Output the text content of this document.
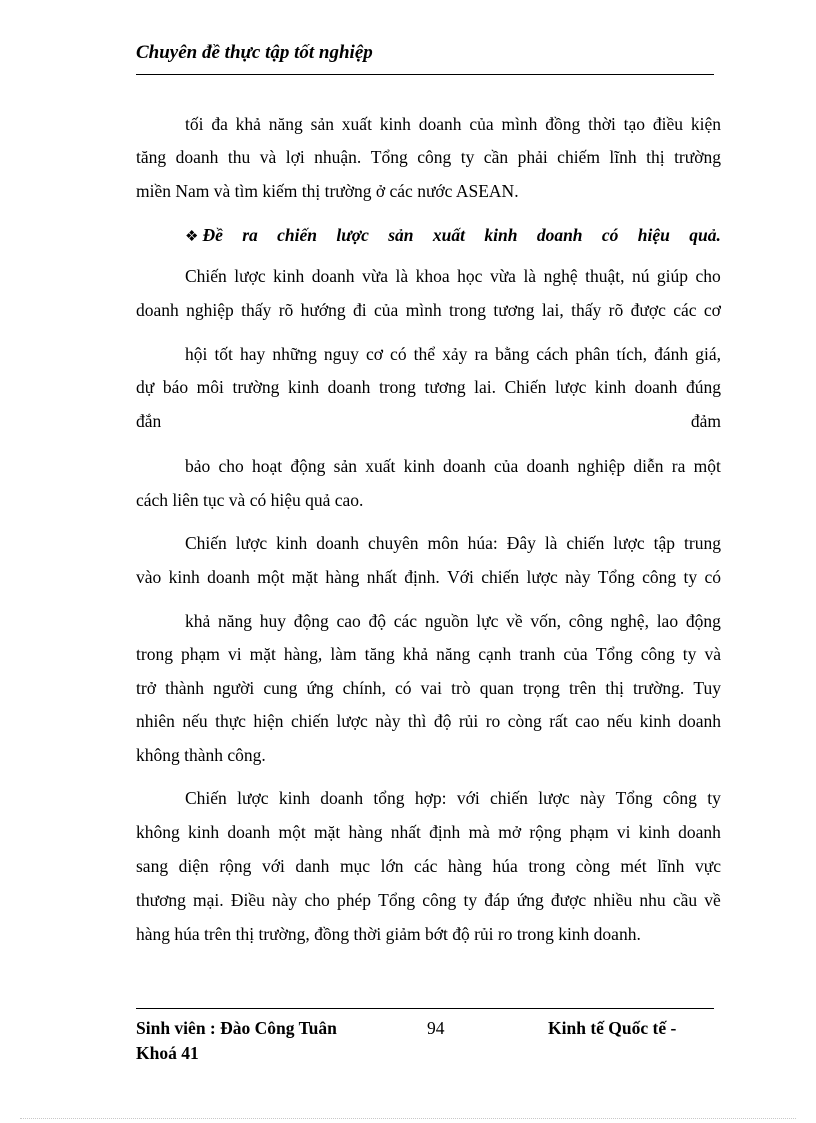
Chuyên đề thực tập tốt nghiệp
tối đa khả năng sản xuất kinh doanh của mình đồng thời tạo điều kiện
tăng doanh thu và lợi nhuận. Tổng công ty cần phải chiếm lĩnh thị trường
miền Nam và tìm kiếm thị trường ở các nước ASEAN.
❖ Đề ra chiến lược sản xuất kinh doanh có hiệu quả.
Chiến lược kinh doanh vừa là khoa học vừa là nghệ thuật, nú giúp cho
doanh nghiệp thấy rõ hướng đi của mình trong tương lai, thấy rõ được các cơ
hội tốt hay những nguy cơ có thể xảy ra bằng cách phân tích, đánh giá,
dự báo môi trường kinh doanh trong tương lai. Chiến lược kinh doanh đúng
đắn	đảm
bảo cho hoạt động sản xuất kinh doanh của doanh nghiệp diễn ra một
cách liên tục và có hiệu quả cao.
Chiến lược kinh doanh chuyên môn húa: Đây là chiến lược tập trung
vào kinh doanh một mặt hàng nhất định. Với chiến lược này Tổng công ty có
khả năng huy động cao độ các nguồn lực về vốn, công nghệ, lao động
trong phạm vi mặt hàng, làm tăng khả năng cạnh tranh của Tổng công ty và
trở thành người cung ứng chính, có vai trò quan trọng trên thị trường. Tuy
nhiên nếu thực hiện chiến lược này thì độ rủi ro còng rất cao nếu kinh doanh
không thành công.
Chiến lược kinh doanh tổng hợp: với chiến lược này Tổng công ty
không kinh doanh một mặt hàng nhất định mà mở rộng phạm vi kinh doanh
sang diện rộng với danh mục lớn các hàng húa trong còng mét lĩnh vực
thương mại. Điều này cho phép Tổng công ty đáp ứng được nhiều nhu cầu về
hàng húa trên thị trường, đồng thời giảm bớt độ rủi ro trong kinh doanh.
Sinh viên : Đào Công Tuân	94	Kinh tế Quốc tế -
Khoá 41
